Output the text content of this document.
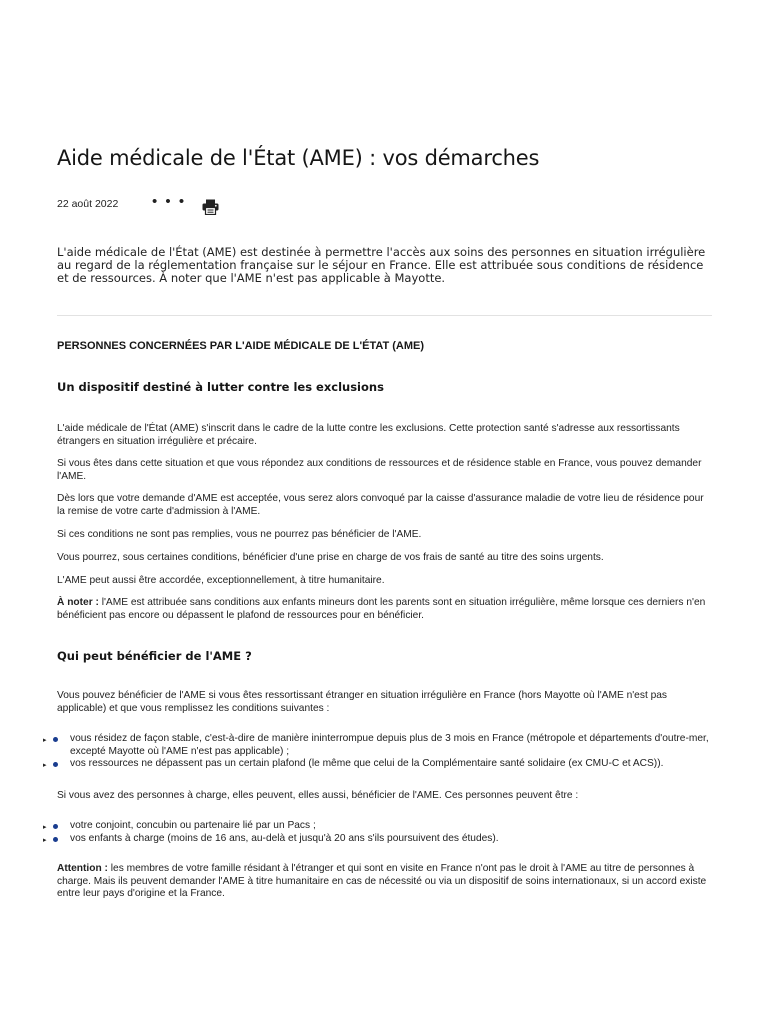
Aide médicale de l'État (AME) : vos démarches
22 août 2022 • • •

L'aide médicale de l'État (AME) est destinée à permettre l'accès aux soins des personnes en situation irrégulière au regard de la réglementation française sur le séjour en France. Elle est attribuée sous conditions de résidence et de ressources. À noter que l'AME n'est pas applicable à Mayotte.

PERSONNES CONCERNÉES PAR L'AIDE MÉDICALE DE L'ÉTAT (AME)
Un dispositif destiné à lutter contre les exclusions

L'aide médicale de l'État (AME) s'inscrit dans le cadre de la lutte contre les exclusions. Cette protection santé s'adresse aux ressortissants étrangers en situation irrégulière et précaire.

Si vous êtes dans cette situation et que vous répondez aux conditions de ressources et de résidence stable en France, vous pouvez demander l'AME.

Dès lors que votre demande d'AME est acceptée, vous serez alors convoqué par la caisse d'assurance maladie de votre lieu de résidence pour la remise de votre carte d'admission à l'AME.

Si ces conditions ne sont pas remplies, vous ne pourrez pas bénéficier de l'AME.

Vous pourrez, sous certaines conditions, bénéficier d'une prise en charge de vos frais de santé au titre des soins urgents.

L'AME peut aussi être accordée, exceptionnellement, à titre humanitaire.

À noter : l'AME est attribuée sans conditions aux enfants mineurs dont les parents sont en situation irrégulière, même lorsque ces derniers n'en bénéficient pas encore ou dépassent le plafond de ressources pour en bénéficier.

Qui peut bénéficier de l'AME ?

Vous pouvez bénéficier de l'AME si vous êtes ressortissant étranger en situation irrégulière en France (hors Mayotte où l'AME n'est pas applicable) et que vous remplissez les conditions suivantes :

▸ vous résidez de façon stable, c'est-à-dire de manière ininterrompue depuis plus de 3 mois en France (métropole et départements d'outre-mer, excepté Mayotte où l'AME n'est pas applicable) ;
▸ vos ressources ne dépassent pas un certain plafond (le même que celui de la Complémentaire santé solidaire (ex CMU-C et ACS)).

Si vous avez des personnes à charge, elles peuvent, elles aussi, bénéficier de l'AME. Ces personnes peuvent être :

▸ votre conjoint, concubin ou partenaire lié par un Pacs ;
▸ vos enfants à charge (moins de 16 ans, au-delà et jusqu'à 20 ans s'ils poursuivent des études).

Attention : les membres de votre famille résidant à l'étranger et qui sont en visite en France n'ont pas le droit à l'AME au titre de personnes à charge. Mais ils peuvent demander l'AME à titre humanitaire en cas de nécessité ou via un dispositif de soins internationaux, si un accord existe entre leur pays d'origine et la France.
